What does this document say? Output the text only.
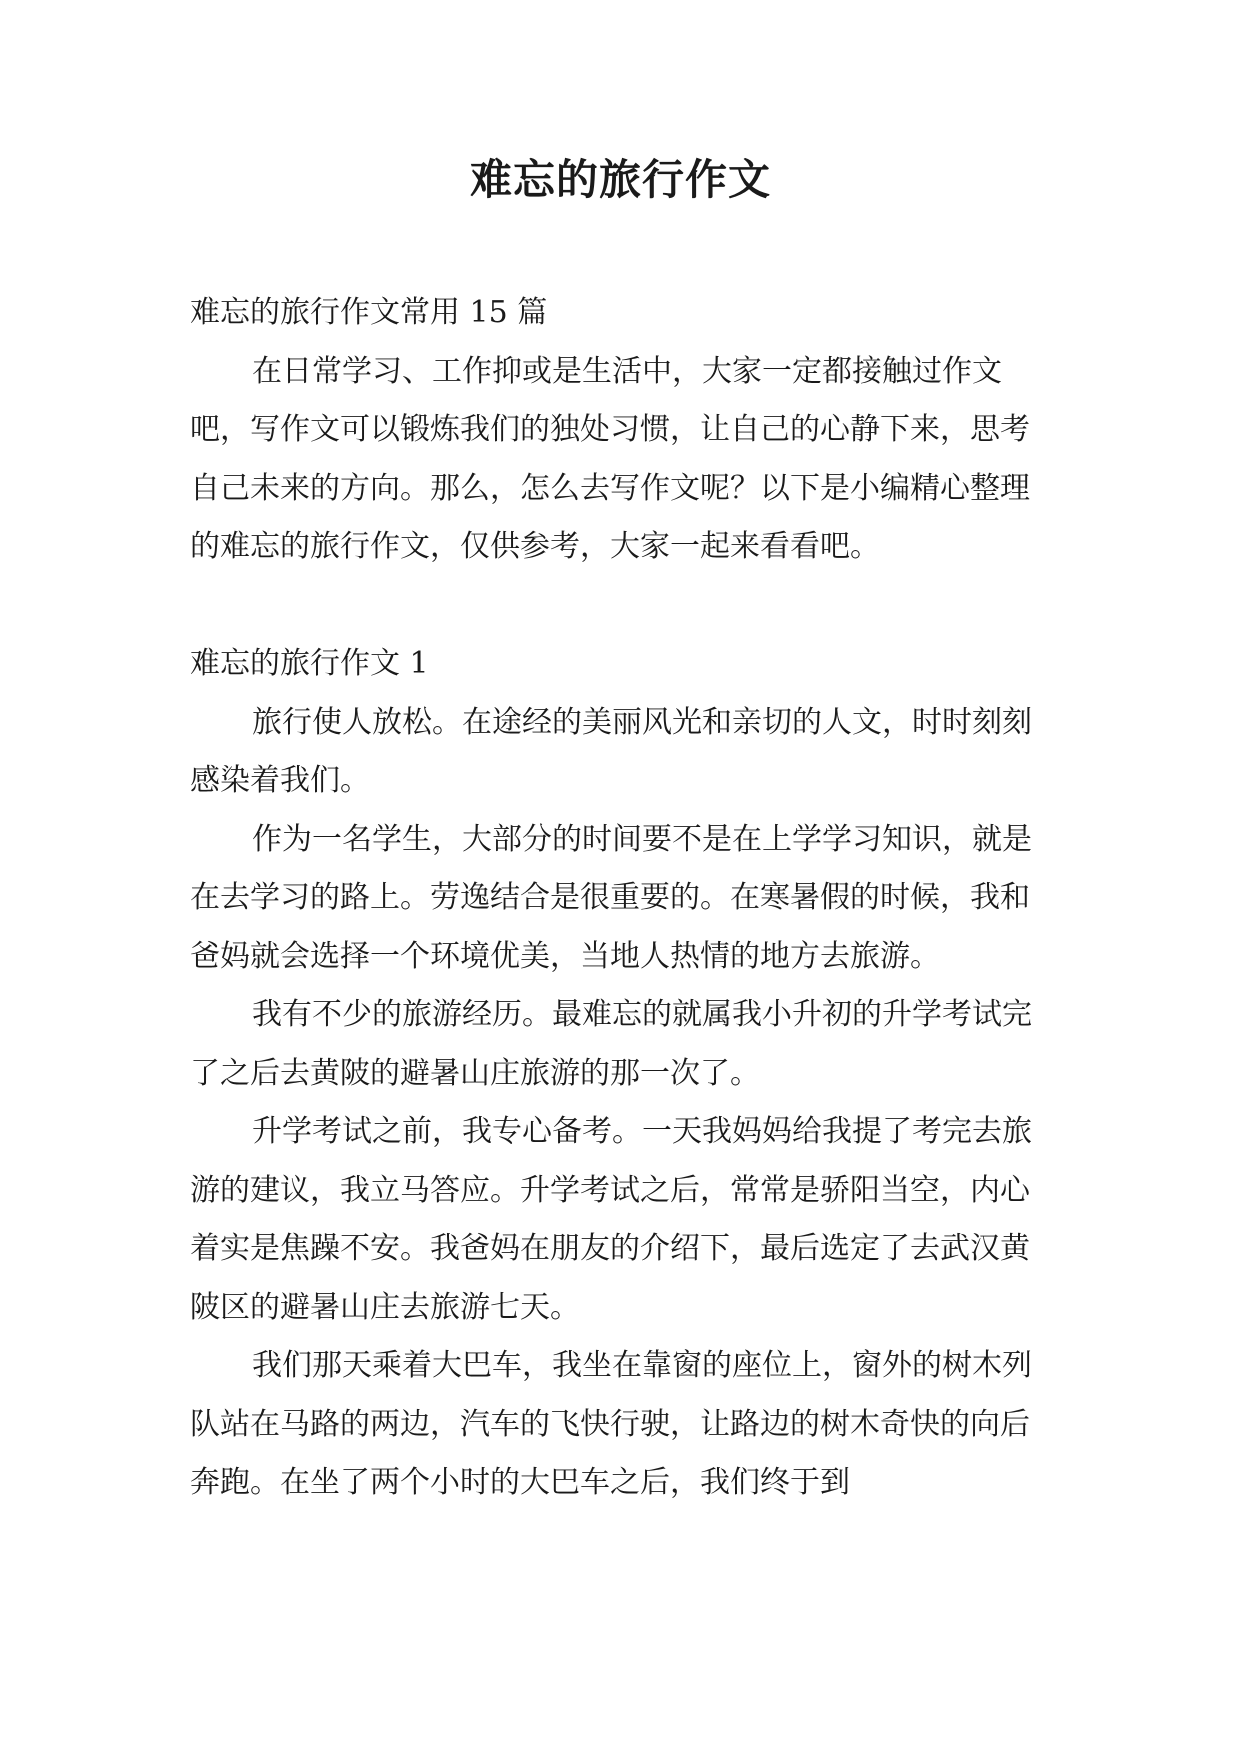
难忘的旅行作文

难忘的旅行作文常用 15 篇

在日常学习、工作抑或是生活中，大家一定都接触过作文吧，写作文可以锻炼我们的独处习惯，让自己的心静下来，思考自己未来的方向。那么，怎么去写作文呢？以下是小编精心整理的难忘的旅行作文，仅供参考，大家一起来看看吧。

难忘的旅行作文 1

旅行使人放松。在途经的美丽风光和亲切的人文，时时刻刻感染着我们。

作为一名学生，大部分的时间要不是在上学学习知识，就是在去学习的路上。劳逸结合是很重要的。在寒暑假的时候，我和爸妈就会选择一个环境优美，当地人热情的地方去旅游。

我有不少的旅游经历。最难忘的就属我小升初的升学考试完了之后去黄陂的避暑山庄旅游的那一次了。

升学考试之前，我专心备考。一天我妈妈给我提了考完去旅游的建议，我立马答应。升学考试之后，常常是骄阳当空，内心着实是焦躁不安。我爸妈在朋友的介绍下，最后选定了去武汉黄陂区的避暑山庄去旅游七天。

我们那天乘着大巴车，我坐在靠窗的座位上，窗外的树木列队站在马路的两边，汽车的飞快行驶，让路边的树木奇快的向后奔跑。在坐了两个小时的大巴车之后，我们终于到
